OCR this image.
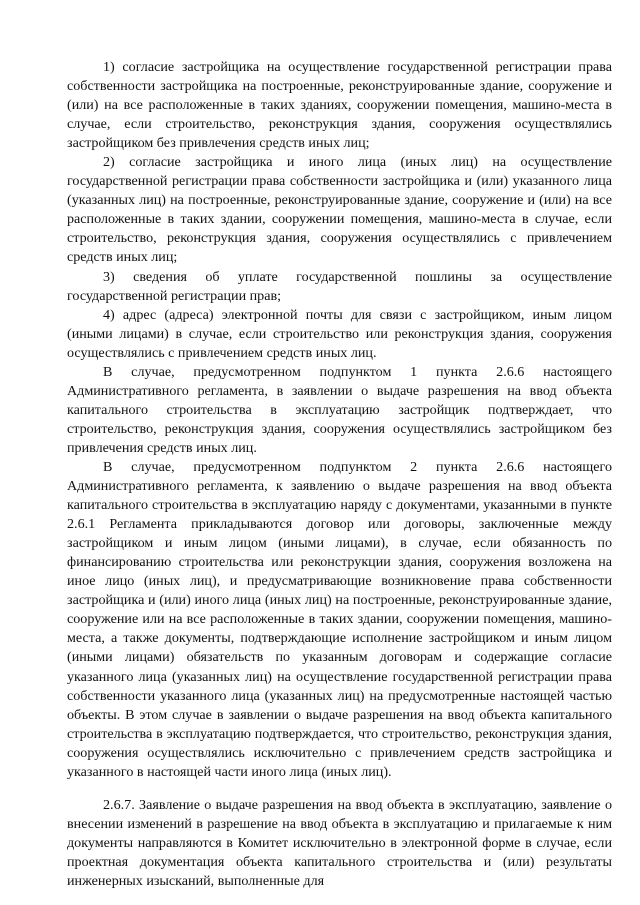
1) согласие застройщика на осуществление государственной регистрации права собственности застройщика на построенные, реконструированные здание, сооружение и (или) на все расположенные в таких зданиях, сооружении помещения, машино-места в случае, если строительство, реконструкция здания, сооружения осуществлялись застройщиком без привлечения средств иных лиц;

2) согласие застройщика и иного лица (иных лиц) на осуществление государственной регистрации права собственности застройщика и (или) указанного лица (указанных лиц) на построенные, реконструированные здание, сооружение и (или) на все расположенные в таких здании, сооружении помещения, машино-места в случае, если строительство, реконструкция здания, сооружения осуществлялись с привлечением средств иных лиц;

3) сведения об уплате государственной пошлины за осуществление государственной регистрации прав;

4) адрес (адреса) электронной почты для связи с застройщиком, иным лицом (иными лицами) в случае, если строительство или реконструкция здания, сооружения осуществлялись с привлечением средств иных лиц.

В случае, предусмотренном подпунктом 1 пункта 2.6.6 настоящего Административного регламента, в заявлении о выдаче разрешения на ввод объекта капитального строительства в эксплуатацию застройщик подтверждает, что строительство, реконструкция здания, сооружения осуществлялись застройщиком без привлечения средств иных лиц.

В случае, предусмотренном подпунктом 2 пункта 2.6.6 настоящего Административного регламента, к заявлению о выдаче разрешения на ввод объекта капитального строительства в эксплуатацию наряду с документами, указанными в пункте 2.6.1 Регламента прикладываются договор или договоры, заключенные между застройщиком и иным лицом (иными лицами), в случае, если обязанность по финансированию строительства или реконструкции здания, сооружения возложена на иное лицо (иных лиц), и предусматривающие возникновение права собственности застройщика и (или) иного лица (иных лиц) на построенные, реконструированные здание, сооружение или на все расположенные в таких здании, сооружении помещения, машино-места, а также документы, подтверждающие исполнение застройщиком и иным лицом (иными лицами) обязательств по указанным договорам и содержащие согласие указанного лица (указанных лиц) на осуществление государственной регистрации права собственности указанного лица (указанных лиц) на предусмотренные настоящей частью объекты. В этом случае в заявлении о выдаче разрешения на ввод объекта капитального строительства в эксплуатацию подтверждается, что строительство, реконструкция здания, сооружения осуществлялись исключительно с привлечением средств застройщика и указанного в настоящей части иного лица (иных лиц).

2.6.7. Заявление о выдаче разрешения на ввод объекта в эксплуатацию, заявление о внесении изменений в разрешение на ввод объекта в эксплуатацию и прилагаемые к ним документы направляются в Комитет исключительно в электронной форме в случае, если проектная документация объекта капитального строительства и (или) результаты инженерных изысканий, выполненные для
